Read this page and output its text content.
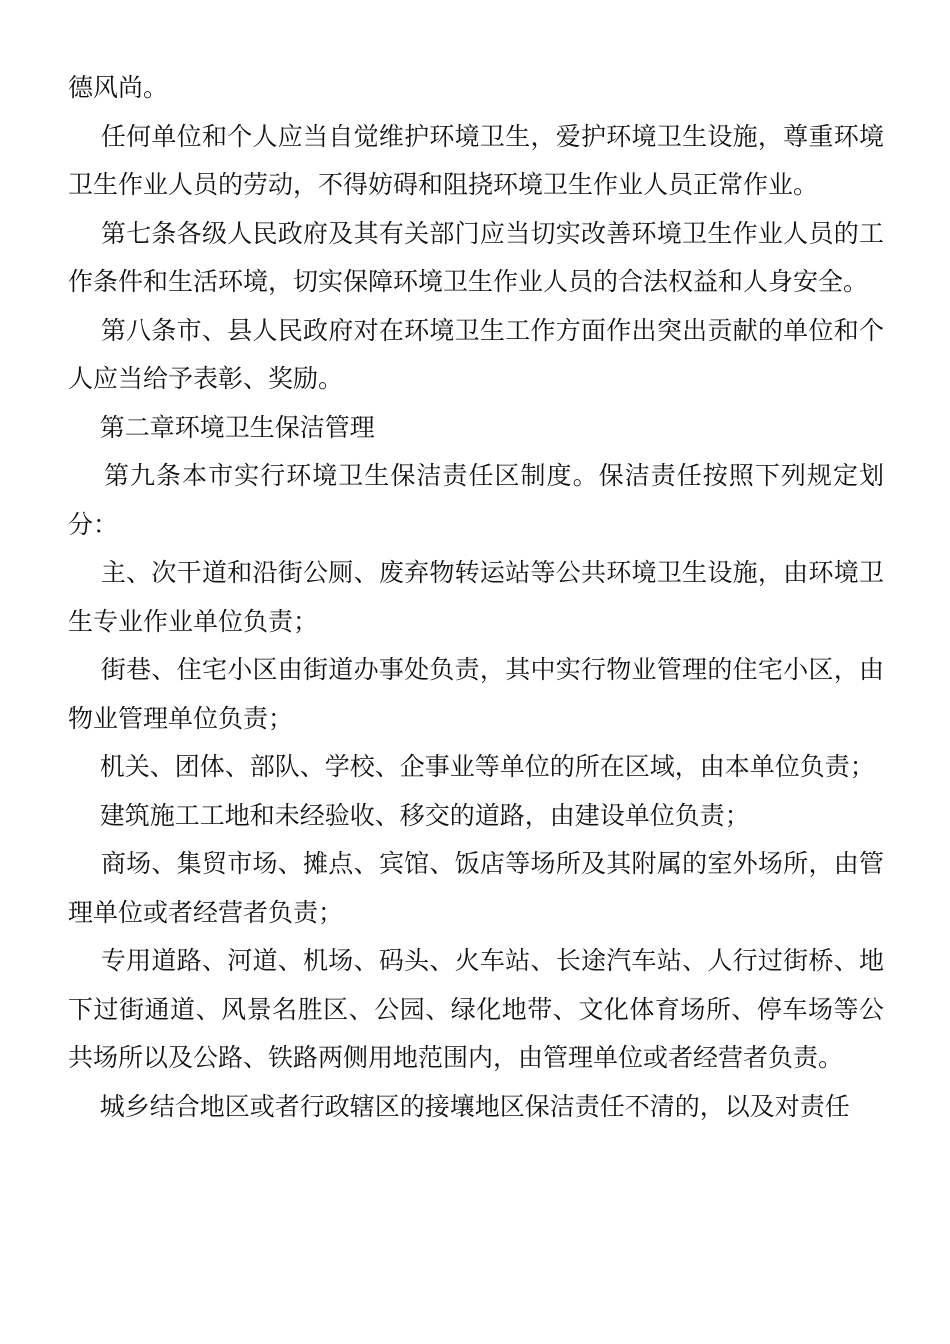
德风尚。

任何单位和个人应当自觉维护环境卫生，爱护环境卫生设施，尊重环境卫生作业人员的劳动，不得妨碍和阻挠环境卫生作业人员正常作业。

第七条各级人民政府及其有关部门应当切实改善环境卫生作业人员的工作条件和生活环境，切实保障环境卫生作业人员的合法权益和人身安全。

第八条市、县人民政府对在环境卫生工作方面作出突出贡献的单位和个人应当给予表彰、奖励。

第二章环境卫生保洁管理

第九条本市实行环境卫生保洁责任区制度。保洁责任按照下列规定划分：

主、次干道和沿街公厕、废弃物转运站等公共环境卫生设施，由环境卫生专业作业单位负责；

街巷、住宅小区由街道办事处负责，其中实行物业管理的住宅小区，由物业管理单位负责；

机关、团体、部队、学校、企事业等单位的所在区域，由本单位负责；

建筑施工工地和未经验收、移交的道路，由建设单位负责；

商场、集贸市场、摊点、宾馆、饭店等场所及其附属的室外场所，由管理单位或者经营者负责；

专用道路、河道、机场、码头、火车站、长途汽车站、人行过街桥、地下过街通道、风景名胜区、公园、绿化地带、文化体育场所、停车场等公共场所以及公路、铁路两侧用地范围内，由管理单位或者经营者负责。

城乡结合地区或者行政辖区的接壤地区保洁责任不清的，以及对责任
